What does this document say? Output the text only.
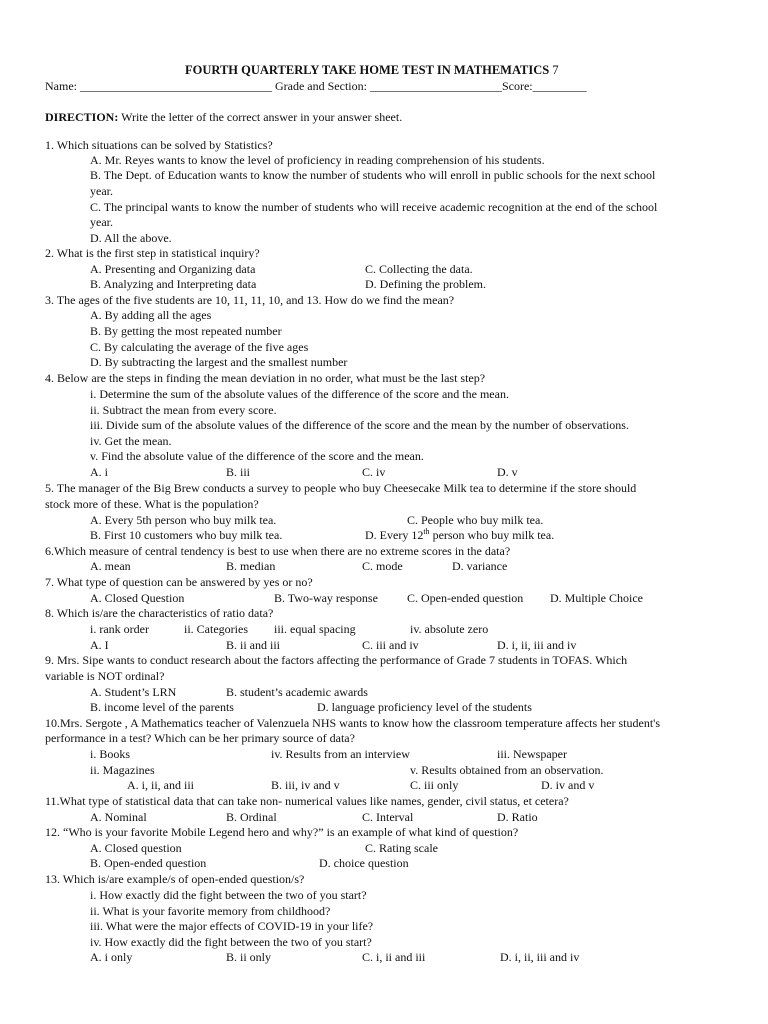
FOURTH QUARTERLY TAKE HOME TEST IN MATHEMATICS 7
Name: ________________________________ Grade and Section: ______________________Score:_________
DIRECTION: Write the letter of the correct answer in your answer sheet.
1. Which situations can be solved by Statistics?
A. Mr. Reyes wants to know the level of proficiency in reading comprehension of his students.
B. The Dept. of Education wants to know the number of students who will enroll in public schools for the next school
year.
C. The principal wants to know the number of students who will receive academic recognition at the end of the school
year.
D. All the above.
2. What is the first step in statistical inquiry?
A. Presenting and Organizing data	C. Collecting the data.
B. Analyzing and Interpreting data	D. Defining the problem.
3. The ages of the five students are 10, 11, 11, 10, and 13. How do we find the mean?
A. By adding all the ages
B. By getting the most repeated number
C. By calculating the average of the five ages
D. By subtracting the largest and the smallest number
4. Below are the steps in finding the mean deviation in no order, what must be the last step?
i. Determine the sum of the absolute values of the difference of the score and the mean.
ii. Subtract the mean from every score.
iii. Divide sum of the absolute values of the difference of the score and the mean by the number of observations.
iv. Get the mean.
v. Find the absolute value of the difference of the score and the mean.
A. i	B. iii	C. iv	D. v
5. The manager of the Big Brew conducts a survey to people who buy Cheesecake Milk tea to determine if the store should
stock more of these. What is the population?
A. Every 5th person who buy milk tea.	C. People who buy milk tea.
B. First 10 customers who buy milk tea.	D. Every 12th person who buy milk tea.
6.Which measure of central tendency is best to use when there are no extreme scores in the data?
A. mean	B. median	C. mode	D. variance
7. What type of question can be answered by yes or no?
A. Closed Question	B. Two-way response C. Open-ended question D. Multiple Choice
8. Which is/are the characteristics of ratio data?
i. rank order	ii. Categories iii. equal spacing	iv. absolute zero
A. I	B. ii and iii	C. iii and iv	D. i, ii, iii and iv
9. Mrs. Sipe wants to conduct research about the factors affecting the performance of Grade 7 students in TOFAS. Which
variable is NOT ordinal?
A. Student’s LRN	B. student’s academic awards
B. income level of the parents	D. language proficiency level of the students
10.Mrs. Sergote , A Mathematics teacher of Valenzuela NHS wants to know how the classroom temperature affects her student's
performance in a test? Which can be her primary source of data?
i. Books	iv. Results from an interview	iii. Newspaper
ii. Magazines	v. Results obtained from an observation.
A. i, ii, and iii	B. iii, iv and v	C. iii only	D. iv and v
11.What type of statistical data that can take non- numerical values like names, gender, civil status, et cetera?
A. Nominal	B. Ordinal	C. Interval	D. Ratio
12. “Who is your favorite Mobile Legend hero and why?” is an example of what kind of question?
A. Closed question	C. Rating scale
B. Open-ended question	D. choice question
13. Which is/are example/s of open-ended question/s?
i. How exactly did the fight between the two of you start?
ii. What is your favorite memory from childhood?
iii. What were the major effects of COVID-19 in your life?
iv. How exactly did the fight between the two of you start?
A. i only	B. ii only	C. i, ii and iii	D. i, ii, iii and iv
